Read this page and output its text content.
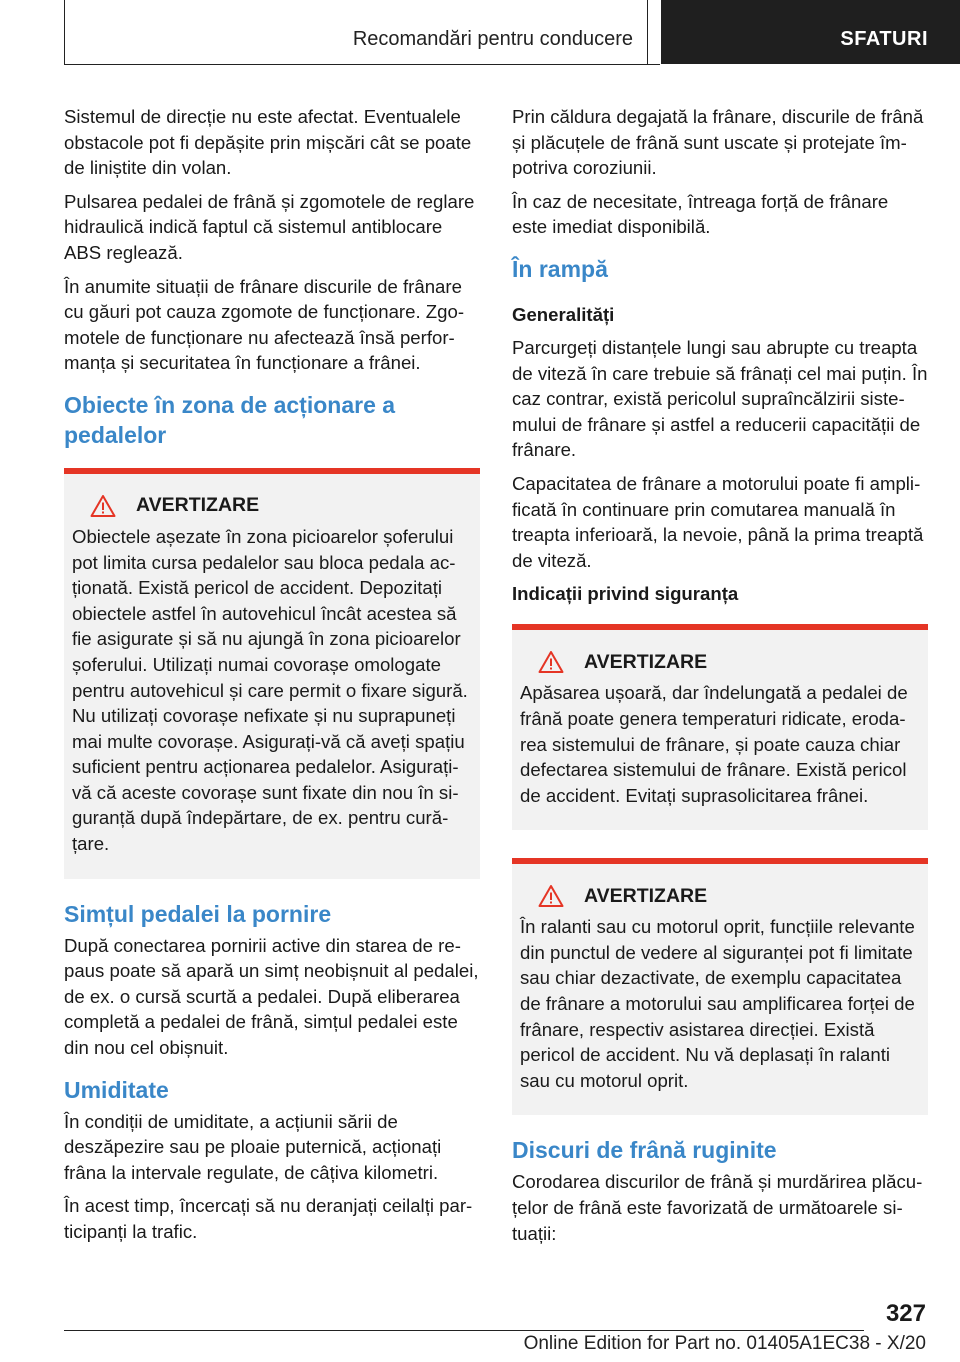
Recomandări pentru conducere	SFATURI

Sistemul de direcție nu este afectat. Eventualele obstacole pot fi depășite prin mișcări cât se poate de liniștite din volan.

Pulsarea pedalei de frână și zgomotele de reglare hidraulică indică faptul că sistemul antiblocare ABS reglează.

În anumite situații de frânare discurile de frânare cu găuri pot cauza zgomote de funcționare. Zgomotele de funcționare nu afectează însă performanța și securitatea în funcționare a frânei.

Obiecte în zona de acționare a pedalelor
AVERTIZARE

Obiectele așezate în zona picioarelor șoferului pot limita cursa pedalelor sau bloca pedala acționată. Există pericol de accident. Depozitați obiectele astfel în autovehicul încât acestea să fie asigurate și să nu ajungă în zona picioarelor șoferului. Utilizați numai covorașe omologate pentru autovehicul și care permit o fixare sigură. Nu utilizați covorașe nefixate și nu suprapuneți mai multe covorașe. Asigurați-vă că aveți spațiu suficient pentru acționarea pedalelor. Asigurați-vă că aceste covorașe sunt fixate din nou în siguranță după îndepărtare, de ex. pentru curățare.

Simțul pedalei la pornire

După conectarea pornirii active din starea de repaus poate să apară un simț neobișnuit al pedalei, de ex. o cursă scurtă a pedalei. După eliberarea completă a pedalei de frână, simțul pedalei este din nou cel obișnuit.

Umiditate

În condiții de umiditate, a acțiunii sării de deszăpezire sau pe ploaie puternică, acționați frâna la intervale regulate, de câțiva kilometri.

În acest timp, încercați să nu deranjați ceilalți participanți la trafic.

Prin căldura degajată la frânare, discurile de frână și plăcuțele de frână sunt uscate și protejate împotriva coroziunii.

În caz de necesitate, întreaga forță de frânare este imediat disponibilă.

În rampă
Generalități

Parcurgeți distanțele lungi sau abrupte cu treapta de viteză în care trebuie să frânați cel mai puțin. În caz contrar, există pericolul supraîncălzirii sistemului de frânare și astfel a reducerii capacității de frânare.

Capacitatea de frânare a motorului poate fi amplificată în continuare prin comutarea manuală în treapta inferioară, la nevoie, până la prima treaptă de viteză.

Indicații privind siguranța
AVERTIZARE

Apăsarea ușoară, dar îndelungată a pedalei de frână poate genera temperaturi ridicate, erodarea sistemului de frânare, și poate cauza chiar defectarea sistemului de frânare. Există pericol de accident. Evitați suprasolicitarea frânei.

AVERTIZARE

În ralanti sau cu motorul oprit, funcțiile relevante din punctul de vedere al siguranței pot fi limitate sau chiar dezactivate, de exemplu capacitatea de frânare a motorului sau amplificarea forței de frânare, respectiv asistarea direcției. Există pericol de accident. Nu vă deplasați în ralanti sau cu motorul oprit.

Discuri de frână ruginite

Corodarea discurilor de frână și murdărirea plăcuțelor de frână este favorizată de următoarele situații:

327
Online Edition for Part no. 01405A1EC38 - X/20
